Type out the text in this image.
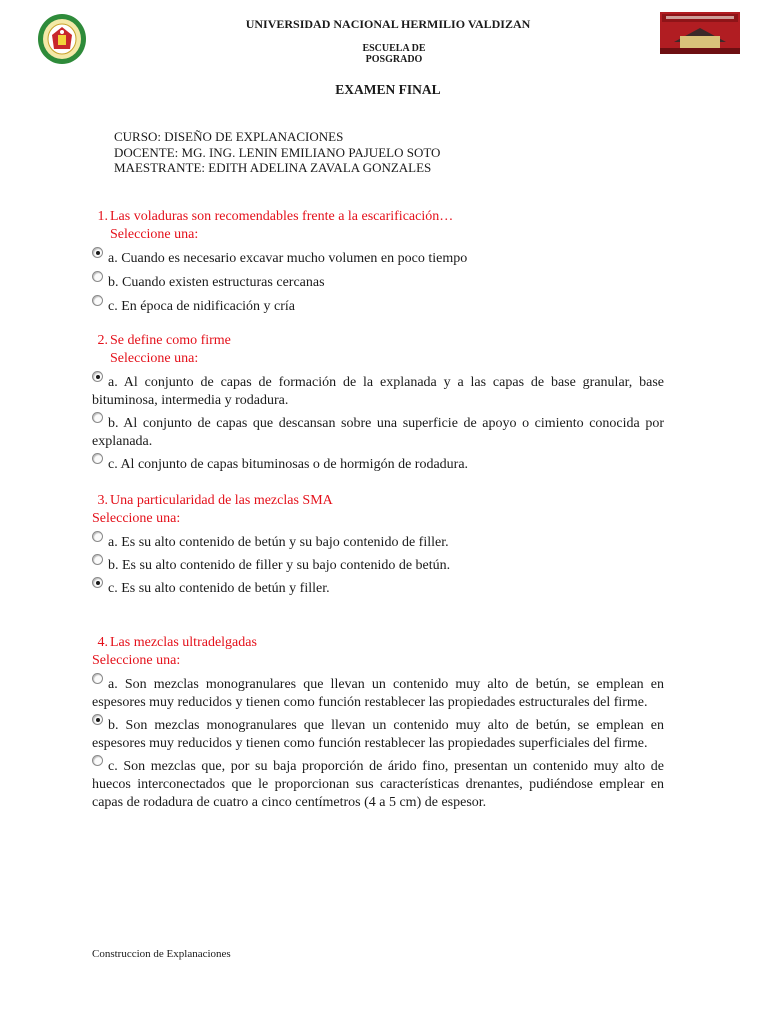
UNIVERSIDAD NACIONAL HERMILIO VALDIZAN
ESCUELA DE
POSGRADO
EXAMEN FINAL
CURSO: DISEÑO DE EXPLANACIONES
DOCENTE: MG. ING. LENIN EMILIANO PAJUELO SOTO
MAESTRANTE: EDITH ADELINA ZAVALA GONZALES
1. Las voladuras son recomendables frente a la escarificación…
Seleccione una:
a. Cuando es necesario excavar mucho volumen en poco tiempo
b. Cuando existen estructuras cercanas
c. En época de nidificación y cría
2. Se define como firme
Seleccione una:
a. Al conjunto de capas de formación de la explanada y a las capas de base granular, base bituminosa, intermedia y rodadura.
b. Al conjunto de capas que descansan sobre una superficie de apoyo o cimiento conocida por explanada.
c. Al conjunto de capas bituminosas o de hormigón de rodadura.
3. Una particularidad de las mezclas SMA
Seleccione una:
a. Es su alto contenido de betún y su bajo contenido de filler.
b. Es su alto contenido de filler y su bajo contenido de betún.
c. Es su alto contenido de betún y filler.
4. Las mezclas ultradelgadas
Seleccione una:
a. Son mezclas monogranulares que llevan un contenido muy alto de betún, se emplean en espesores muy reducidos y tienen como función restablecer las propiedades estructurales del firme.
b. Son mezclas monogranulares que llevan un contenido muy alto de betún, se emplean en espesores muy reducidos y tienen como función restablecer las propiedades superficiales del firme.
c. Son mezclas que, por su baja proporción de árido fino, presentan un contenido muy alto de huecos interconectados que le proporcionan sus características drenantes, pudiéndose emplear en capas de rodadura de cuatro a cinco centímetros (4 a 5 cm) de espesor.
Construccion de Explanaciones
